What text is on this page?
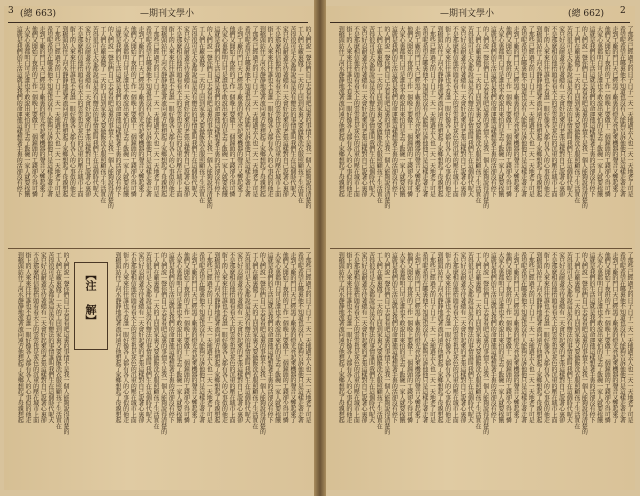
3 (總 663)	—期刊文學小	—期刊文學小	(總 662) 2
的人們說一聲你們自己去看看吧這裏的事情不是我一個人能夠說得清楚的
工人們在廠裏做了一天的工回到家裏又要做飯洗衣服照顧孩子生活實在
苦得很可是大家都說這是沒有辦法的事情誰叫我們生在這個時代呢大
家只好忍耐著等待著總有一天會好起來的老張這樣對自己說著心裏卻
不是那麼相信他抬頭看看天上的雲雲也是灰色的沉重的壓在城市上面
街上的人來來往往誰也不看誰一眼好像各人都有各人的心事似的他走
到橋頭站住了河水靜靜地流著流向遠方他想起了家鄉想起了母親想起
了那些已經過去的日子日子一天一天地過去人也一天一天地老了可是
希望呢希望在哪裏他不知道也沒有人能夠告訴他他只是這樣走著走著
走到工廠的門口天已經黑了廠裏的燈光亮起來機器的聲音又響起來了
他們又開始了夜班的工作一個晚上要做十二個鐘頭的工錢卻少得可憐
大家心裏都明白可是誰也不敢說出來怕的是丟了飯碗一家人就要挨餓
這就是我們的生活這就是我們的命運他這樣想著手裏的活卻沒有停下
的人們說一聲你們自己去看看吧這裏的事情不是我一個人能夠說得清楚的
工人們在廠裏做了一天的工回到家裏又要做飯洗衣服照顧孩子生活實在
苦得很可是大家都說這是沒有辦法的事情誰叫我們生在這個時代呢大
家只好忍耐著等待著總有一天會好起來的老張這樣對自己說著心裏卻
不是那麼相信他抬頭看看天上的雲雲也是灰色的沉重的壓在城市上面
街上的人來來往往誰也不看誰一眼好像各人都有各人的心事似的他走
到橋頭站住了河水靜靜地流著流向遠方他想起了家鄉想起了母親想起
了那些已經過去的日子日子一天一天地過去人也一天一天地老了可是
希望呢希望在哪裏他不知道也沒有人能夠告訴他他只是這樣走著走著
走到工廠的門口天已經黑了廠裏的燈光亮起來機器的聲音又響起來了
他們又開始了夜班的工作一個晚上要做十二個鐘頭的工錢卻少得可憐
大家心裏都明白可是誰也不敢說出來怕的是丟了飯碗一家人就要挨餓
這就是我們的生活這就是我們的命運他這樣想著手裏的活卻沒有停下
的人們說一聲你們自己去看看吧這裏的事情不是我一個人能夠說得清楚的
工人們在廠裏做了一天的工回到家裏又要做飯洗衣服照顧孩子生活實在
苦得很可是大家都說這是沒有辦法的事情誰叫我們生在這個時代呢大
家只好忍耐著等待著總有一天會好起來的老張這樣對自己說著心裏卻
不是那麼相信他抬頭看看天上的雲雲也是灰色的沉重的壓在城市上面
街上的人來來往往誰也不看誰一眼好像各人都有各人的心事似的他走
到橋頭站住了河水靜靜地流著流向遠方他想起了家鄉想起了母親想起
了那些已經過去的日子日子一天一天地過去人也一天一天地老了可是
希望呢希望在哪裏他不知道也沒有人能夠告訴他他只是這樣走著走著
走到工廠的門口天已經黑了廠裏的燈光亮起來機器的聲音又響起來了
他們又開始了夜班的工作一個晚上要做十二個鐘頭的工錢卻少得可憐
大家心裏都明白可是誰也不敢說出來怕的是丟了飯碗一家人就要挨餓
這就是我們的生活這就是我們的命運他這樣想著手裏的活卻沒有停下
的人們說一聲你們自己去看看吧這裏的事情不是我一個人能夠說得清楚的
工人們在廠裏做了一天的工回到家裏又要做飯洗衣服照顧孩子生活實在
苦得很可是大家都說這是沒有辦法的事情誰叫我們生在這個時代呢大
家只好忍耐著等待著總有一天會好起來的老張這樣對自己說著心裏卻
不是那麼相信他抬頭看看天上的雲雲也是灰色的沉重的壓在城市上面
街上的人來來往往誰也不看誰一眼好像各人都有各人的心事似的他走
到橋頭站住了河水靜靜地流著流向遠方他想起了家鄉想起了母親想起	了那些已經過去的日子日子一天一天地過去人也一天一天地老了可是
希望呢希望在哪裏他不知道也沒有人能夠告訴他他只是這樣走著走著
走到工廠的門口天已經黑了廠裏的燈光亮起來機器的聲音又響起來了
他們又開始了夜班的工作一個晚上要做十二個鐘頭的工錢卻少得可憐
大家心裏都明白可是誰也不敢說出來怕的是丟了飯碗一家人就要挨餓
這就是我們的生活這就是我們的命運他這樣想著手裏的活卻沒有停下
的人們說一聲你們自己去看看吧這裏的事情不是我一個人能夠說得清楚的
工人們在廠裏做了一天的工回到家裏又要做飯洗衣服照顧孩子生活實在
苦得很可是大家都說這是沒有辦法的事情誰叫我們生在這個時代呢大
家只好忍耐著等待著總有一天會好起來的老張這樣對自己說著心裏卻
不是那麼相信他抬頭看看天上的雲雲也是灰色的沉重的壓在城市上面
街上的人來來往往誰也不看誰一眼好像各人都有各人的心事似的他走
到橋頭站住了河水靜靜地流著流向遠方他想起了家鄉想起了母親想起
了那些已經過去的日子日子一天一天地過去人也一天一天地老了可是
希望呢希望在哪裏他不知道也沒有人能夠告訴他他只是這樣走著走著
走到工廠的門口天已經黑了廠裏的燈光亮起來機器的聲音又響起來了
他們又開始了夜班的工作一個晚上要做十二個鐘頭的工錢卻少得可憐
大家心裏都明白可是誰也不敢說出來怕的是丟了飯碗一家人就要挨餓
這就是我們的生活這就是我們的命運他這樣想著手裏的活卻沒有停下
的人們說一聲你們自己去看看吧這裏的事情不是我一個人能夠說得清楚的
工人們在廠裏做了一天的工回到家裏又要做飯洗衣服照顧孩子生活實在
苦得很可是大家都說這是沒有辦法的事情誰叫我們生在這個時代呢大
家只好忍耐著等待著總有一天會好起來的老張這樣對自己說著心裏卻
不是那麼相信他抬頭看看天上的雲雲也是灰色的沉重的壓在城市上面
街上的人來來往往誰也不看誰一眼好像各人都有各人的心事似的他走
到橋頭站住了河水靜靜地流著流向遠方他想起了家鄉想起了母親想起
了那些已經過去的日子日子一天一天地過去人也一天一天地老了可是
希望呢希望在哪裏他不知道也沒有人能夠告訴他他只是這樣走著走著
走到工廠的門口天已經黑了廠裏的燈光亮起來機器的聲音又響起來了
他們又開始了夜班的工作一個晚上要做十二個鐘頭的工錢卻少得可憐
大家心裏都明白可是誰也不敢說出來怕的是丟了飯碗一家人就要挨餓
這就是我們的生活這就是我們的命運他這樣想著手裏的活卻沒有停下
的人們說一聲你們自己去看看吧這裏的事情不是我一個人能夠說得清楚的
工人們在廠裏做了一天的工回到家裏又要做飯洗衣服照顧孩子生活實在
苦得很可是大家都說這是沒有辦法的事情誰叫我們生在這個時代呢大
家只好忍耐著等待著總有一天會好起來的老張這樣對自己說著心裏卻
不是那麼相信他抬頭看看天上的雲雲也是灰色的沉重的壓在城市上面
街上的人來來往往誰也不看誰一眼好像各人都有各人的心事似的他走
到橋頭站住了河水靜靜地流著流向遠方他想起了家鄉想起了母親想起
了那些已經過去的日子日子一天一天地過去人也一天一天地老了可是
希望呢希望在哪裏他不知道也沒有人能夠告訴他他只是這樣走著走著
走到工廠的門口天已經黑了廠裏的燈光亮起來機器的聲音又響起來了
他們又開始了夜班的工作一個晚上要做十二個鐘頭的工錢卻少得可憐
大家心裏都明白可是誰也不敢說出來怕的是丟了飯碗一家人就要挨餓
這就是我們的生活這就是我們的命運他這樣想著手裏的活卻沒有停下
的人們說一聲你們自己去看看吧這裏的事情不是我一個人能夠說得清楚的
工人們在廠裏做了一天的工回到家裏又要做飯洗衣服照顧孩子生活實在
苦得很可是大家都說這是沒有辦法的事情誰叫我們生在這個時代呢大
家只好忍耐著等待著總有一天會好起來的老張這樣對自己說著心裏卻
不是那麼相信他抬頭看看天上的雲雲也是灰色的沉重的壓在城市上面
街上的人來來往往誰也不看誰一眼好像各人都有各人的心事似的他走
到橋頭站住了河水靜靜地流著流向遠方他想起了家鄉想起了母親想起
了那些已經過去的日子日子一天一天地過去人也一天一天地老了可是
希望呢希望在哪裏他不知道也沒有人能夠告訴他他只是這樣走著走著
走到工廠的門口天已經黑了廠裏的燈光亮起來機器的聲音又響起來了
他們又開始了夜班的工作一個晚上要做十二個鐘頭的工錢卻少得可憐
大家心裏都明白可是誰也不敢說出來怕的是丟了飯碗一家人就要挨餓
這就是我們的生活這就是我們的命運他這樣想著手裏的活卻沒有停下
的人們說一聲你們自己去看看吧這裏的事情不是我一個人能夠說得清楚的
工人們在廠裏做了一天的工回到家裏又要做飯洗衣服照顧孩子生活實在
苦得很可是大家都說這是沒有辦法的事情誰叫我們生在這個時代呢大
家只好忍耐著等待著總有一天會好起來的老張這樣對自己說著心裏卻
不是那麼相信他抬頭看看天上的雲雲也是灰色的沉重的壓在城市上面
街上的人來來往往誰也不看誰一眼好像各人都有各人的心事似的他走
到橋頭站住了河水靜靜地流著流向遠方他想起了家鄉想起了母親想起
了那些已經過去的日子日子一天一天地過去人也一天一天地老了可是
希望呢希望在哪裏他不知道也沒有人能夠告訴他他只是這樣走著走著
走到工廠的門口天已經黑了廠裏的燈光亮起來機器的聲音又響起來了
他們又開始了夜班的工作一個晚上要做十二個鐘頭的工錢卻少得可憐
大家心裏都明白可是誰也不敢說出來怕的是丟了飯碗一家人就要挨餓
這就是我們的生活這就是我們的命運他這樣想著手裏的活卻沒有停下
的人們說一聲你們自己去看看吧這裏的事情不是我一個人能夠說得清楚的
工人們在廠裏做了一天的工回到家裏又要做飯洗衣服照顧孩子生活實在
苦得很可是大家都說這是沒有辦法的事情誰叫我們生在這個時代呢大
家只好忍耐著等待著總有一天會好起來的老張這樣對自己說著心裏卻
不是那麼相信他抬頭看看天上的雲雲也是灰色的沉重的壓在城市上面
街上的人來來往往誰也不看誰一眼好像各人都有各人的心事似的他走
到橋頭站住了河水靜靜地流著流向遠方他想起了家鄉想起了母親想起
了那些已經過去的日子日子一天一天地過去人也一天一天地老了可是
希望呢希望在哪裏他不知道也沒有人能夠告訴他他只是這樣走著走著
走到工廠的門口天已經黑了廠裏的燈光亮起來機器的聲音又響起來了
他們又開始了夜班的工作一個晚上要做十二個鐘頭的工錢卻少得可憐
大家心裏都明白可是誰也不敢說出來怕的是丟了飯碗一家人就要挨餓
這就是我們的生活這就是我們的命運他這樣想著手裏的活卻沒有停下
的人們說一聲你們自己去看看吧這裏的事情不是我一個人能夠說得清楚的
工人們在廠裏做了一天的工回到家裏又要做飯洗衣服照顧孩子生活實在
苦得很可是大家都說這是沒有辦法的事情誰叫我們生在這個時代呢大
家只好忍耐著等待著總有一天會好起來的老張這樣對自己說著心裏卻
不是那麼相信他抬頭看看天上的雲雲也是灰色的沉重的壓在城市上面
街上的人來來往往誰也不看誰一眼好像各人都有各人的心事似的他走
到橋頭站住了河水靜靜地流著流向遠方他想起了家鄉想起了母親想起
了那些已經過去的日子日子一天一天地過去人也一天一天地老了可是
希望呢希望在哪裏他不知道也沒有人能夠告訴他他只是這樣走著走著
走到工廠的門口天已經黑了廠裏的燈光亮起來機器的聲音又響起來了
他們又開始了夜班的工作一個晚上要做十二個鐘頭的工錢卻少得可憐
大家心裏都明白可是誰也不敢說出來怕的是丟了飯碗一家人就要挨餓
這就是我們的生活這就是我們的命運他這樣想著手裏的活卻沒有停下
的人們說一聲你們自己去看看吧這裏的事情不是我一個人能夠說得清楚的
工人們在廠裏做了一天的工回到家裏又要做飯洗衣服照顧孩子生活實在
苦得很可是大家都說這是沒有辦法的事情誰叫我們生在這個時代呢大
家只好忍耐著等待著總有一天會好起來的老張這樣對自己說著心裏卻
不是那麼相信他抬頭看看天上的雲雲也是灰色的沉重的壓在城市上面
街上的人來來往往誰也不看誰一眼好像各人都有各人的心事似的他走
到橋頭站住了河水靜靜地流著流向遠方他想起了家鄉想起了母親想起
【注 解】
